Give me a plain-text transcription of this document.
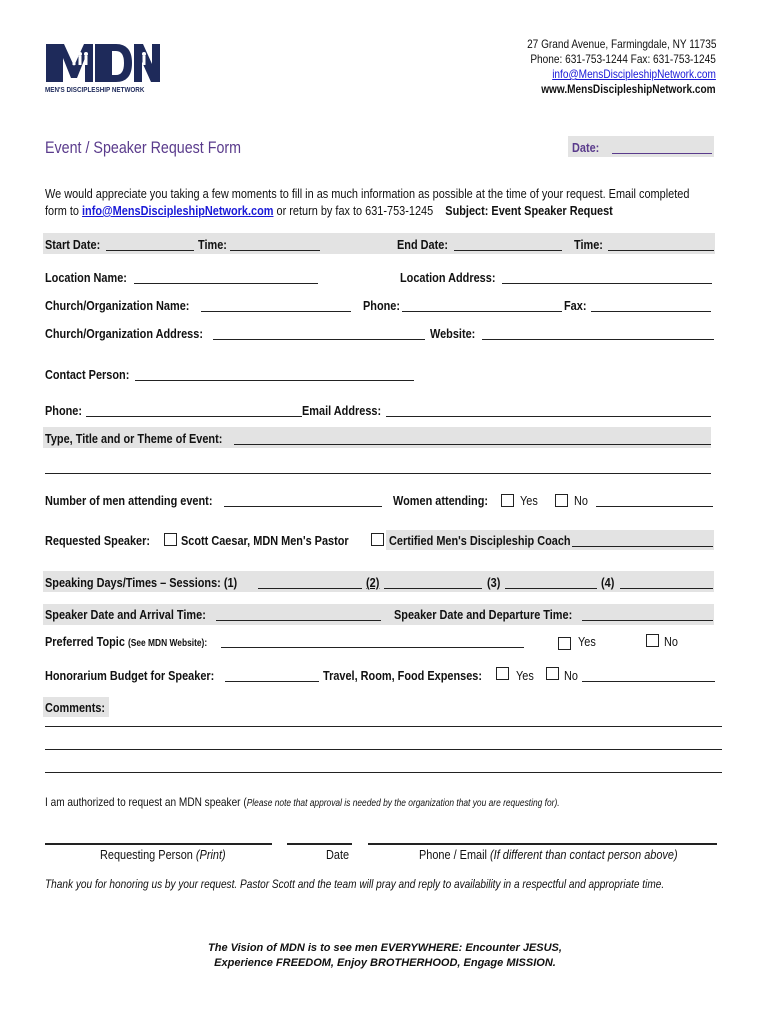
MEN'S DISCIPLESHIP NETWORK
27 Grand Avenue, Farmingdale, NY 11735
Phone: 631-753-1244 Fax: 631-753-1245
info@MensDiscipleshipNetwork.com
www.MensDiscipleshipNetwork.com
Event / Speaker Request Form	Date:
We would appreciate you taking a few moments to fill in as much information as possible at the time of your request. Email completed
form to info@MensDiscipleshipNetwork.com or return by fax to 631-753-1245 Subject: Event Speaker Request
Start Date:	Time:	End Date:	Time:
Location Name:	Location Address:
Church/Organization Name:	Phone:	Fax:
Church/Organization Address:	Website:
Contact Person:
Phone:	Email Address:
Type, Title and or Theme of Event:
Number of men attending event:	Women attending: Yes	No
Requested Speaker: Scott Caesar, MDN Men's Pastor	Certified Men's Discipleship Coach
Speaking Days/Times – Sessions: (1)	(2)	(3)	(4)
Speaker Date and Arrival Time:	Speaker Date and Departure Time:
Preferred Topic (See MDN Website):	Yes	No
Honorarium Budget for Speaker:	Travel, Room, Food Expenses:	Yes No
Comments:
I am authorized to request an MDN speaker (Please note that approval is needed by the organization that you are requesting for).
Requesting Person (Print)	Date	Phone / Email (If different than contact person above)
Thank you for honoring us by your request. Pastor Scott and the team will pray and reply to availability in a respectful and appropriate time.
The Vision of MDN is to see men EVERYWHERE: Encounter JESUS,
Experience FREEDOM, Enjoy BROTHERHOOD, Engage MISSION.
